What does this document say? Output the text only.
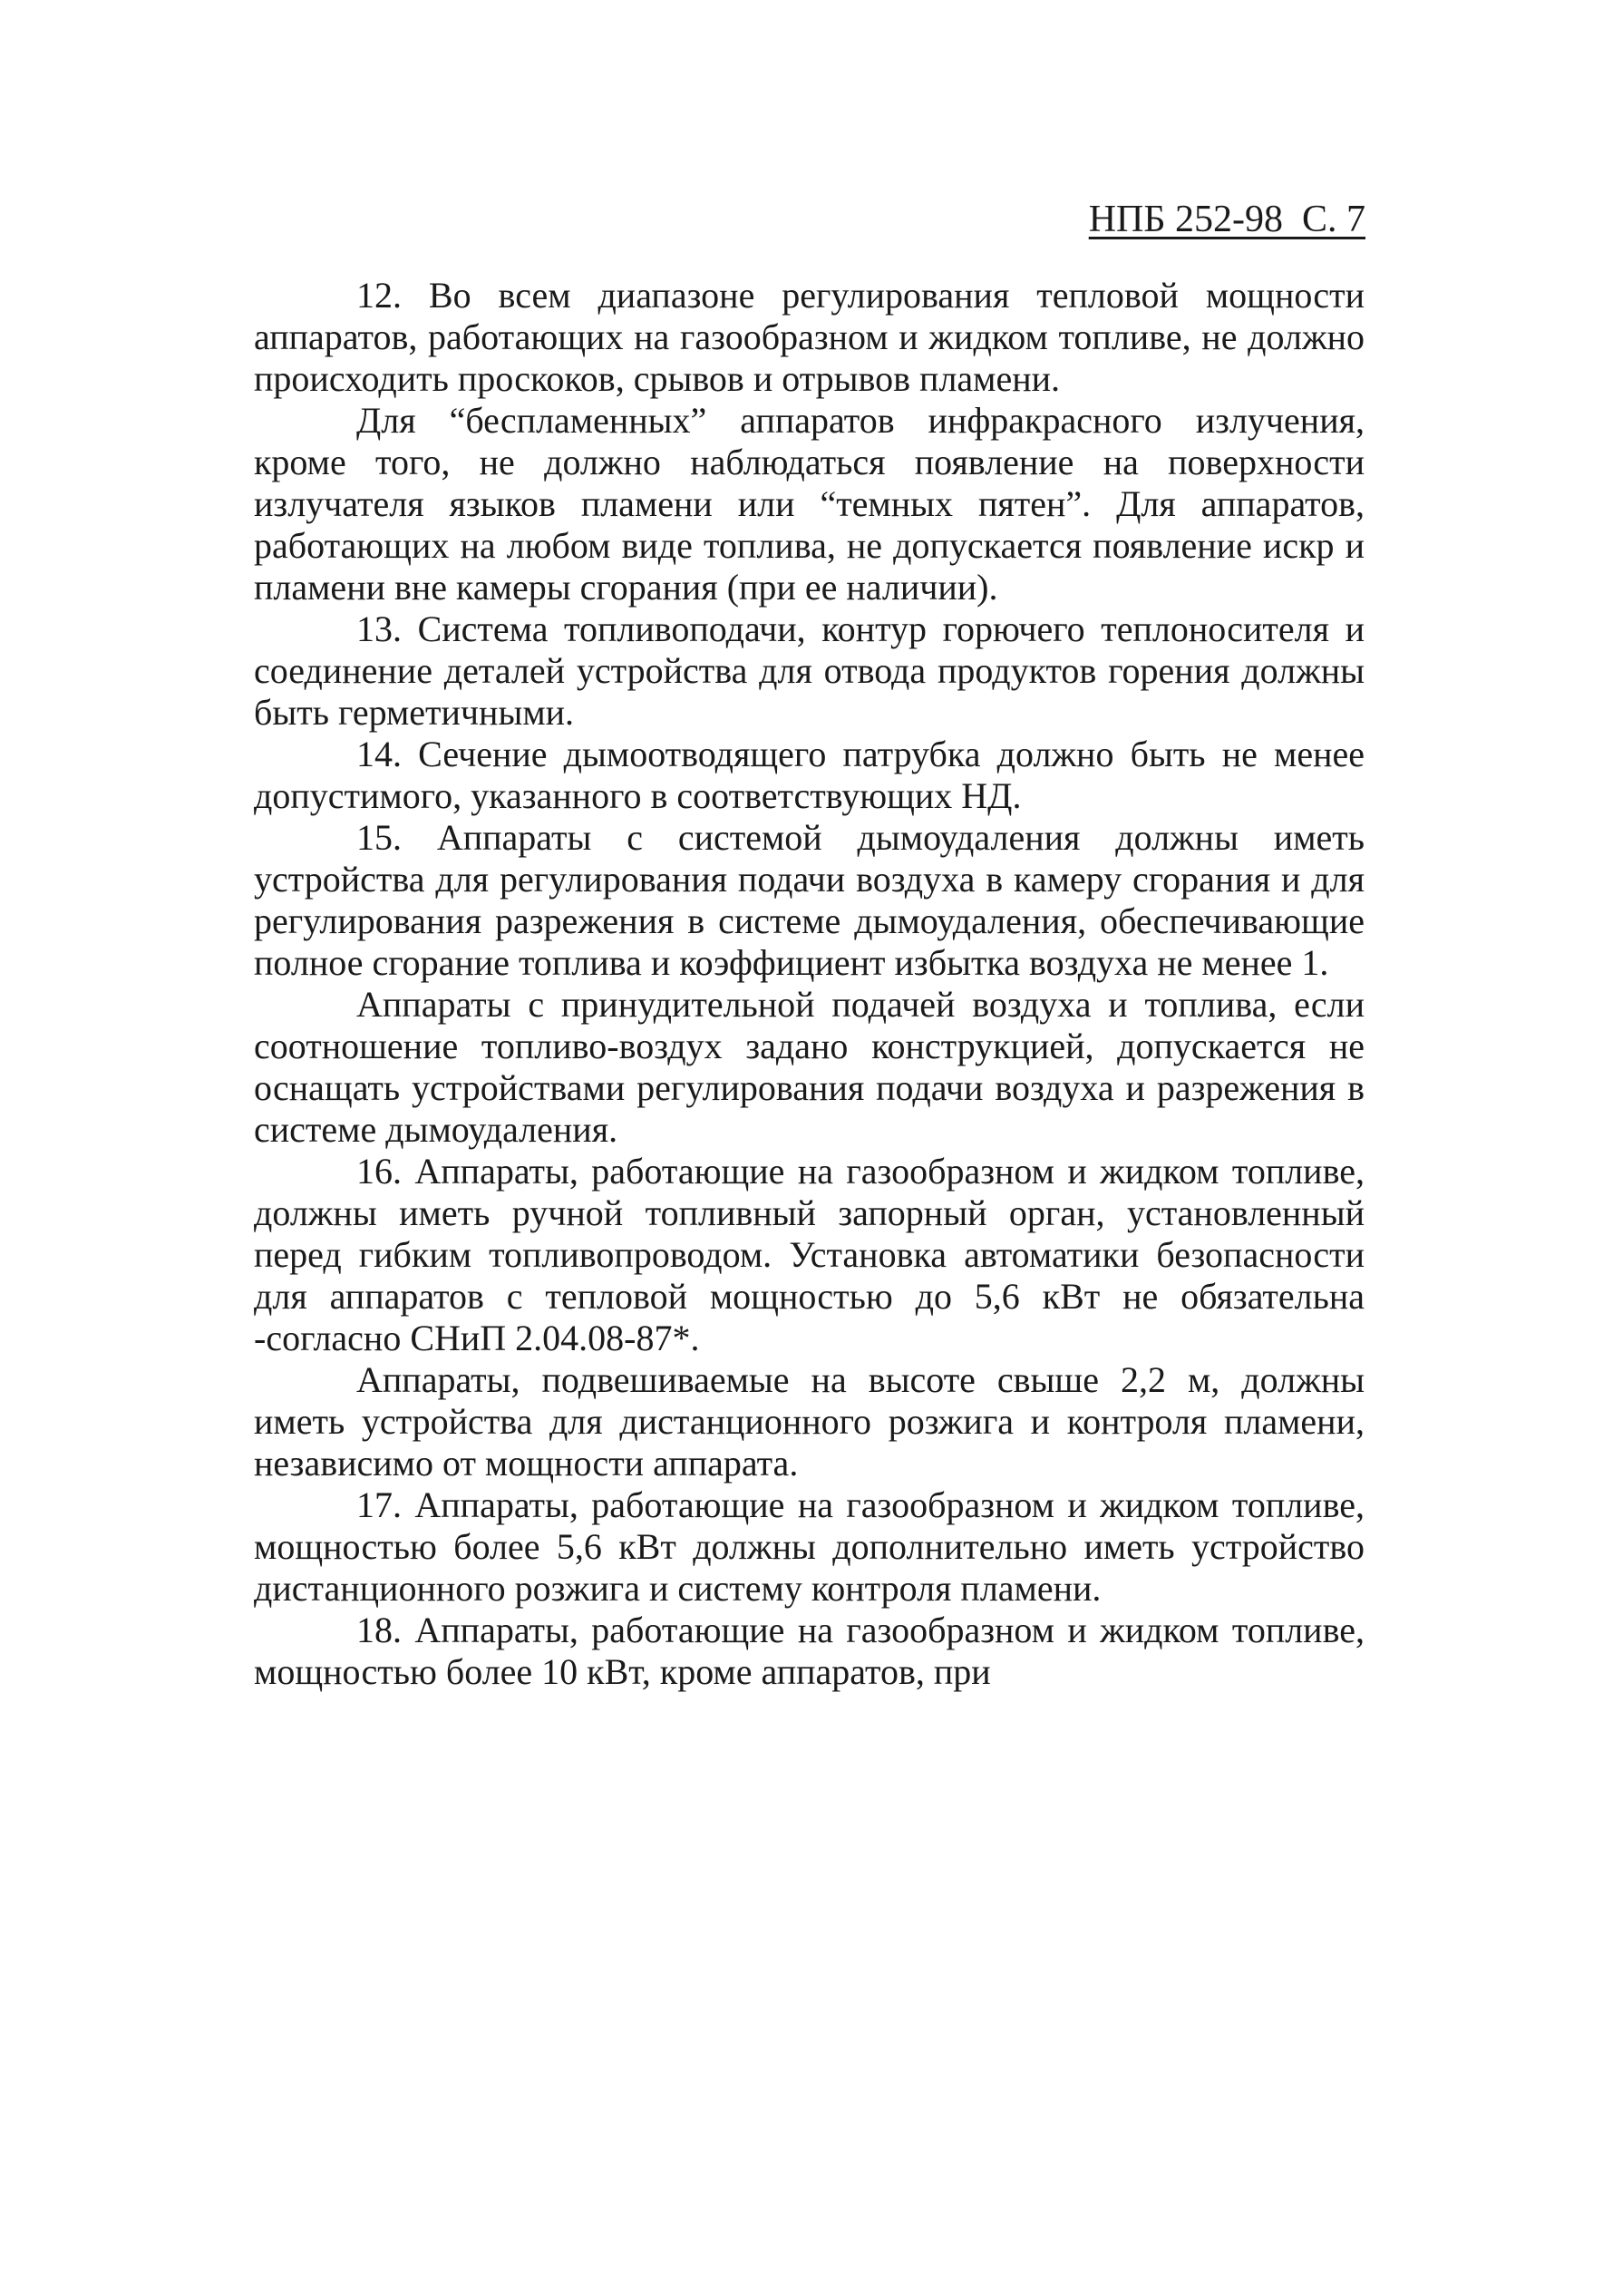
НПБ 252-98 С. 7

12. Во всем диапазоне регулирования тепловой мощности аппаратов, работающих на газообразном и жидком топливе, не должно происходить проскоков, срывов и отрывов пламени.

Для “беспламенных” аппаратов инфракрасного излучения, кроме того, не должно наблюдаться появление на поверхности излучателя языков пламени или “темных пятен”. Для аппаратов, работающих на любом виде топлива, не допускается появление искр и пламени вне камеры сгорания (при ее наличии).

13. Система топливоподачи, контур горючего теплоносителя и соединение деталей устройства для отвода продуктов горения должны быть герметичными.

14. Сечение дымоотводящего патрубка должно быть не менее допустимого, указанного в соответствующих НД.

15. Аппараты с системой дымоудаления должны иметь устройства для регулирования подачи воздуха в камеру сгорания и для регулирования разрежения в системе дымоудаления, обеспечивающие полное сгорание топлива и коэффициент избытка воздуха не менее 1.

Аппараты с принудительной подачей воздуха и топлива, если соотношение топливо-воздух задано конструкцией, допускается не оснащать устройствами регулирования подачи воздуха и разрежения в системе дымоудаления.

16. Аппараты, работающие на газообразном и жидком топливе, должны иметь ручной топливный запорный орган, установленный перед гибким топливопроводом. Установка автоматики безопасности для аппаратов с тепловой мощностью до 5,6 кВт не обязательна -согласно СНиП 2.04.08-87*.

Аппараты, подвешиваемые на высоте свыше 2,2 м, должны иметь устройства для дистанционного розжига и контроля пламени, независимо от мощности аппарата.

17. Аппараты, работающие на газообразном и жидком топливе, мощностью более 5,6 кВт должны дополнительно иметь устройство дистанционного розжига и систему контроля пламени.

18. Аппараты, работающие на газообразном и жидком топливе, мощностью более 10 кВт, кроме аппаратов, при
